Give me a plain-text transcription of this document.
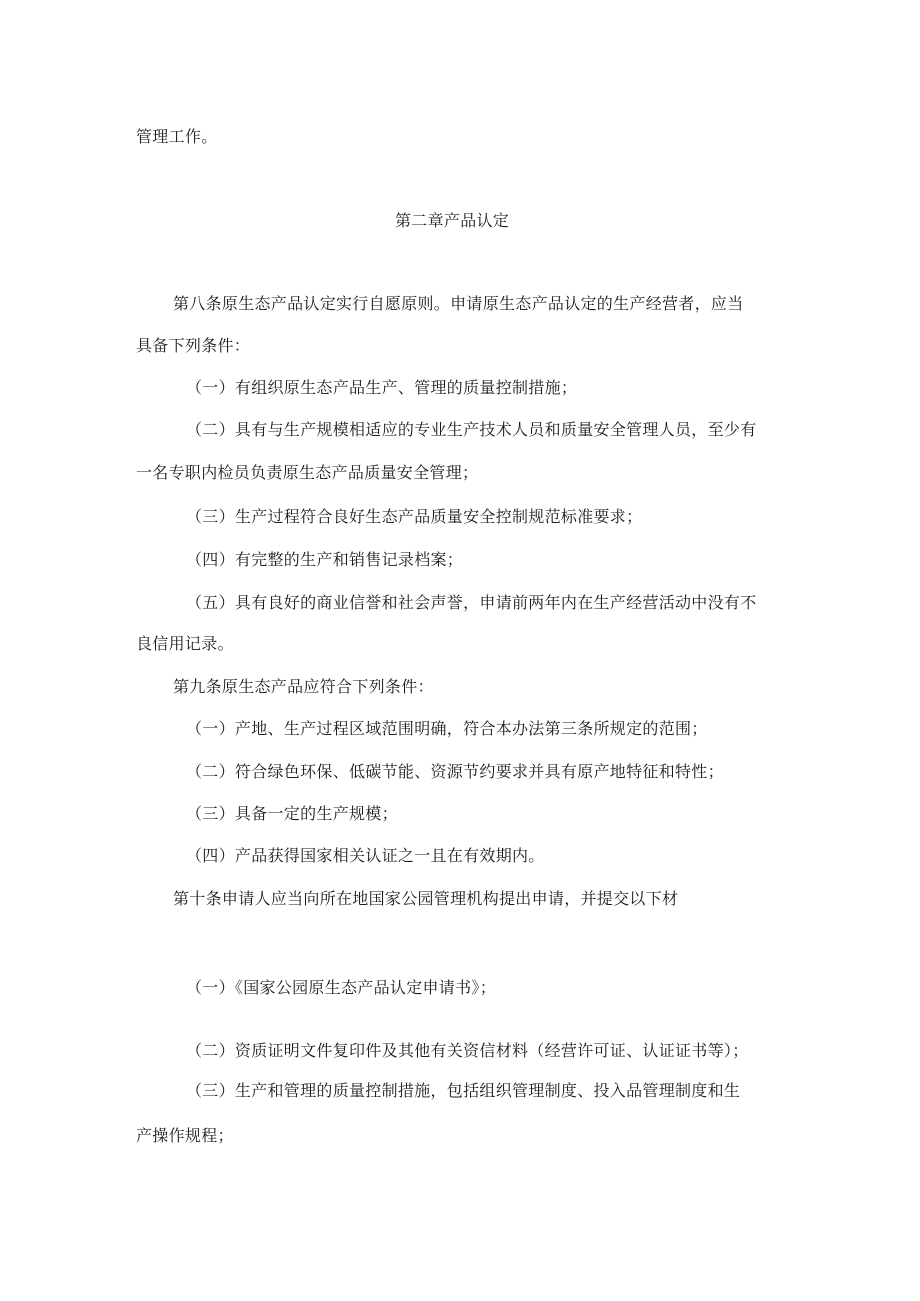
管理工作。
第二章产品认定
第八条原生态产品认定实行自愿原则。申请原生态产品认定的生产经营者，应当
具备下列条件：
（一）有组织原生态产品生产、管理的质量控制措施；
（二）具有与生产规模相适应的专业生产技术人员和质量安全管理人员，至少有
一名专职内检员负责原生态产品质量安全管理；
（三）生产过程符合良好生态产品质量安全控制规范标准要求；
（四）有完整的生产和销售记录档案；
（五）具有良好的商业信誉和社会声誉，申请前两年内在生产经营活动中没有不
良信用记录。
第九条原生态产品应符合下列条件：
（一）产地、生产过程区域范围明确，符合本办法第三条所规定的范围；
（二）符合绿色环保、低碳节能、资源节约要求并具有原产地特征和特性；
（三）具备一定的生产规模；
（四）产品获得国家相关认证之一且在有效期内。
第十条申请人应当向所在地国家公园管理机构提出申请，并提交以下材
（一）《国家公园原生态产品认定申请书》；
（二）资质证明文件复印件及其他有关资信材料（经营许可证、认证证书等）；
（三）生产和管理的质量控制措施，包括组织管理制度、投入品管理制度和生
产操作规程；
